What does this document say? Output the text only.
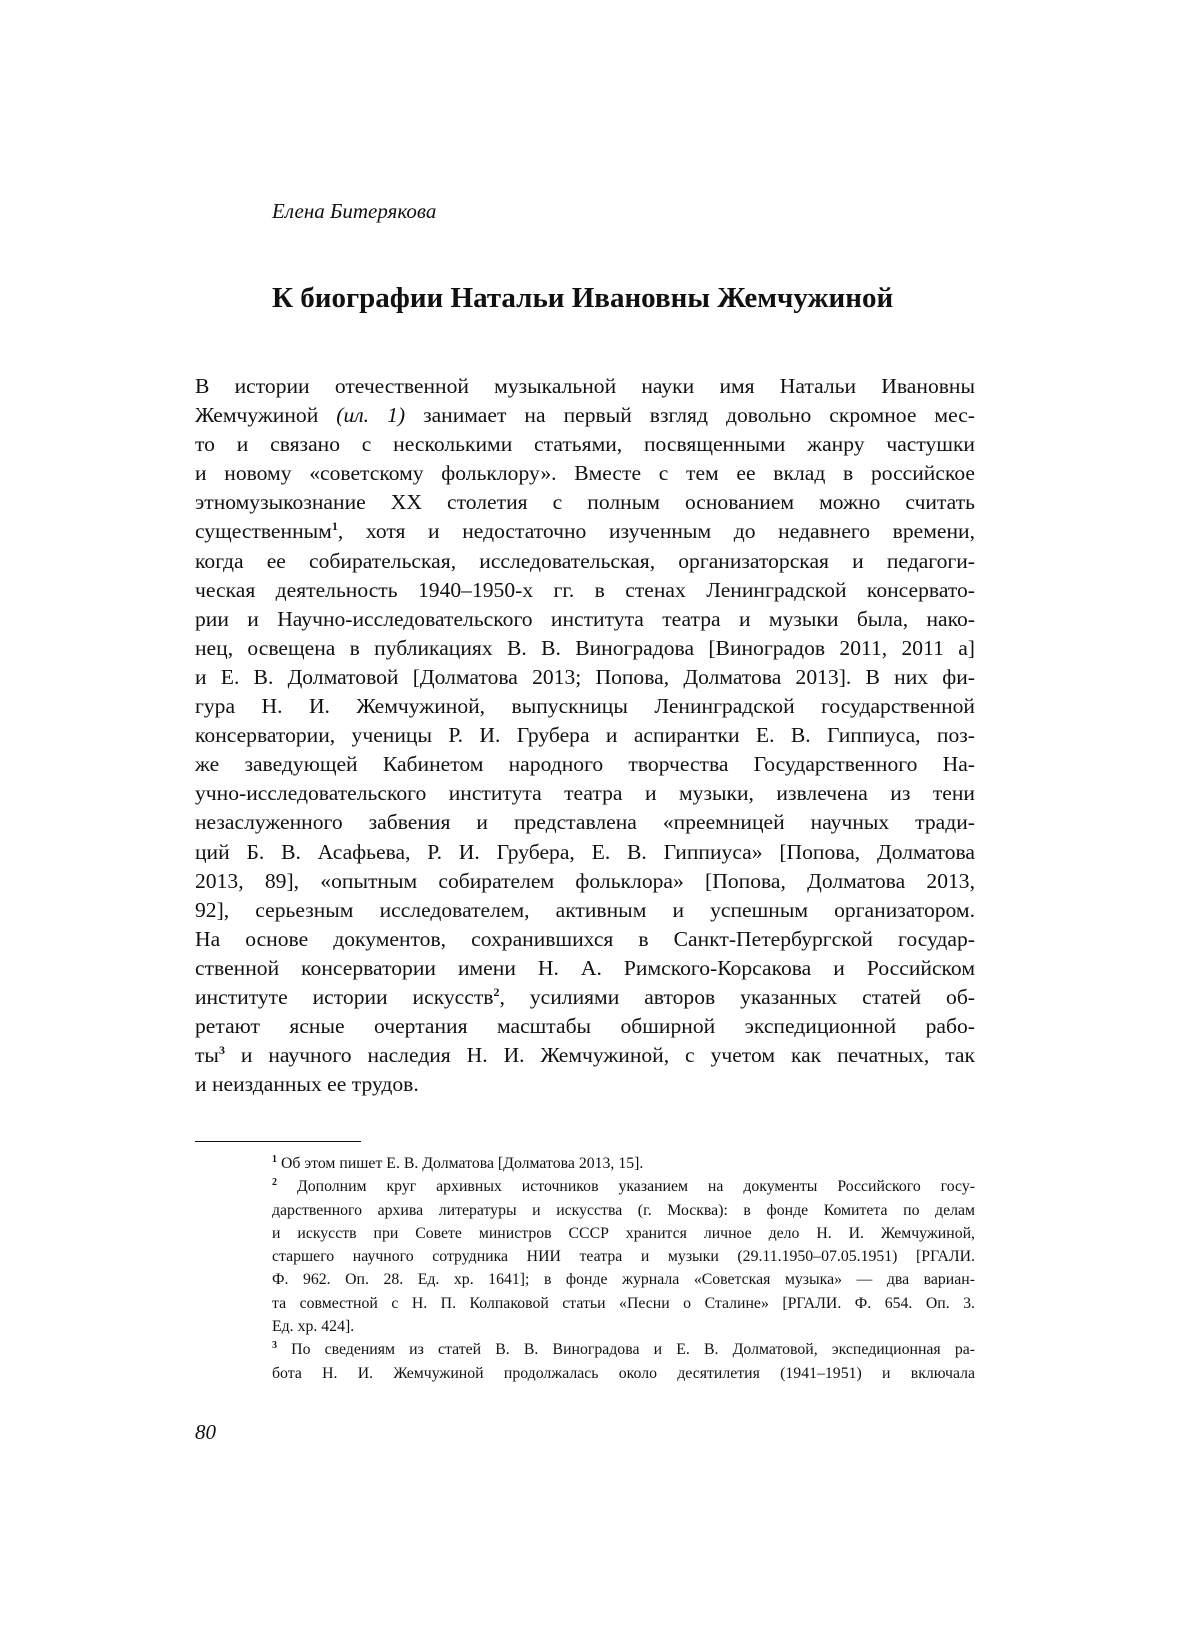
Елена Битерякова
К биографии Натальи Ивановны Жемчужиной
В истории отечественной музыкальной науки имя Натальи Ивановны
Жемчужиной (ил. 1) занимает на первый взгляд довольно скромное мес-
то и связано с несколькими статьями, посвященными жанру частушки
и новому «советскому фольклору». Вместе с тем ее вклад в российское
этномузыкознание XX столетия с полным основанием можно считать
существенным1, хотя и недостаточно изученным до недавнего времени,
когда ее собирательская, исследовательская, организаторская и педагоги-
ческая деятельность 1940–1950-х гг. в стенах Ленинградской консервато-
рии и Научно-исследовательского института театра и музыки была, нако-
нец, освещена в публикациях В. В. Виноградова [Виноградов 2011, 2011 а]
и Е. В. Долматовой [Долматова 2013; Попова, Долматова 2013]. В них фи-
гура Н. И. Жемчужиной, выпускницы Ленинградской государственной
консерватории, ученицы Р. И. Грубера и аспирантки Е. В. Гиппиуса, поз-
же заведующей Кабинетом народного творчества Государственного На-
учно-исследовательского института театра и музыки, извлечена из тени
незаслуженного забвения и представлена «преемницей научных тради-
ций Б. В. Асафьева, Р. И. Грубера, Е. В. Гиппиуса» [Попова, Долматова
2013, 89], «опытным собирателем фольклора» [Попова, Долматова 2013,
92], серьезным исследователем, активным и успешным организатором.
На основе документов, сохранившихся в Санкт-Петербургской государ-
ственной консерватории имени Н. А. Римского-Корсакова и Российском
институте истории искусств2, усилиями авторов указанных статей об-
ретают ясные очертания масштабы обширной экспедиционной рабо-
ты3 и научного наследия Н. И. Жемчужиной, с учетом как печатных, так
и неизданных ее трудов.
1 Об этом пишет Е. В. Долматова [Долматова 2013, 15].
2 Дополним круг архивных источников указанием на документы Российского госу-
дарственного архива литературы и искусства (г. Москва): в фонде Комитета по делам
и искусств при Совете министров СССР хранится личное дело Н. И. Жемчужиной,
старшего научного сотрудника НИИ театра и музыки (29.11.1950–07.05.1951) [РГАЛИ.
Ф. 962. Оп. 28. Ед. хр. 1641]; в фонде журнала «Советская музыка» — два вариан-
та совместной с Н. П. Колпаковой статьи «Песни о Сталине» [РГАЛИ. Ф. 654. Оп. 3.
Ед. хр. 424].
3 По сведениям из статей В. В. Виноградова и Е. В. Долматовой, экспедиционная ра-
бота Н. И. Жемчужиной продолжалась около десятилетия (1941–1951) и включала
80
